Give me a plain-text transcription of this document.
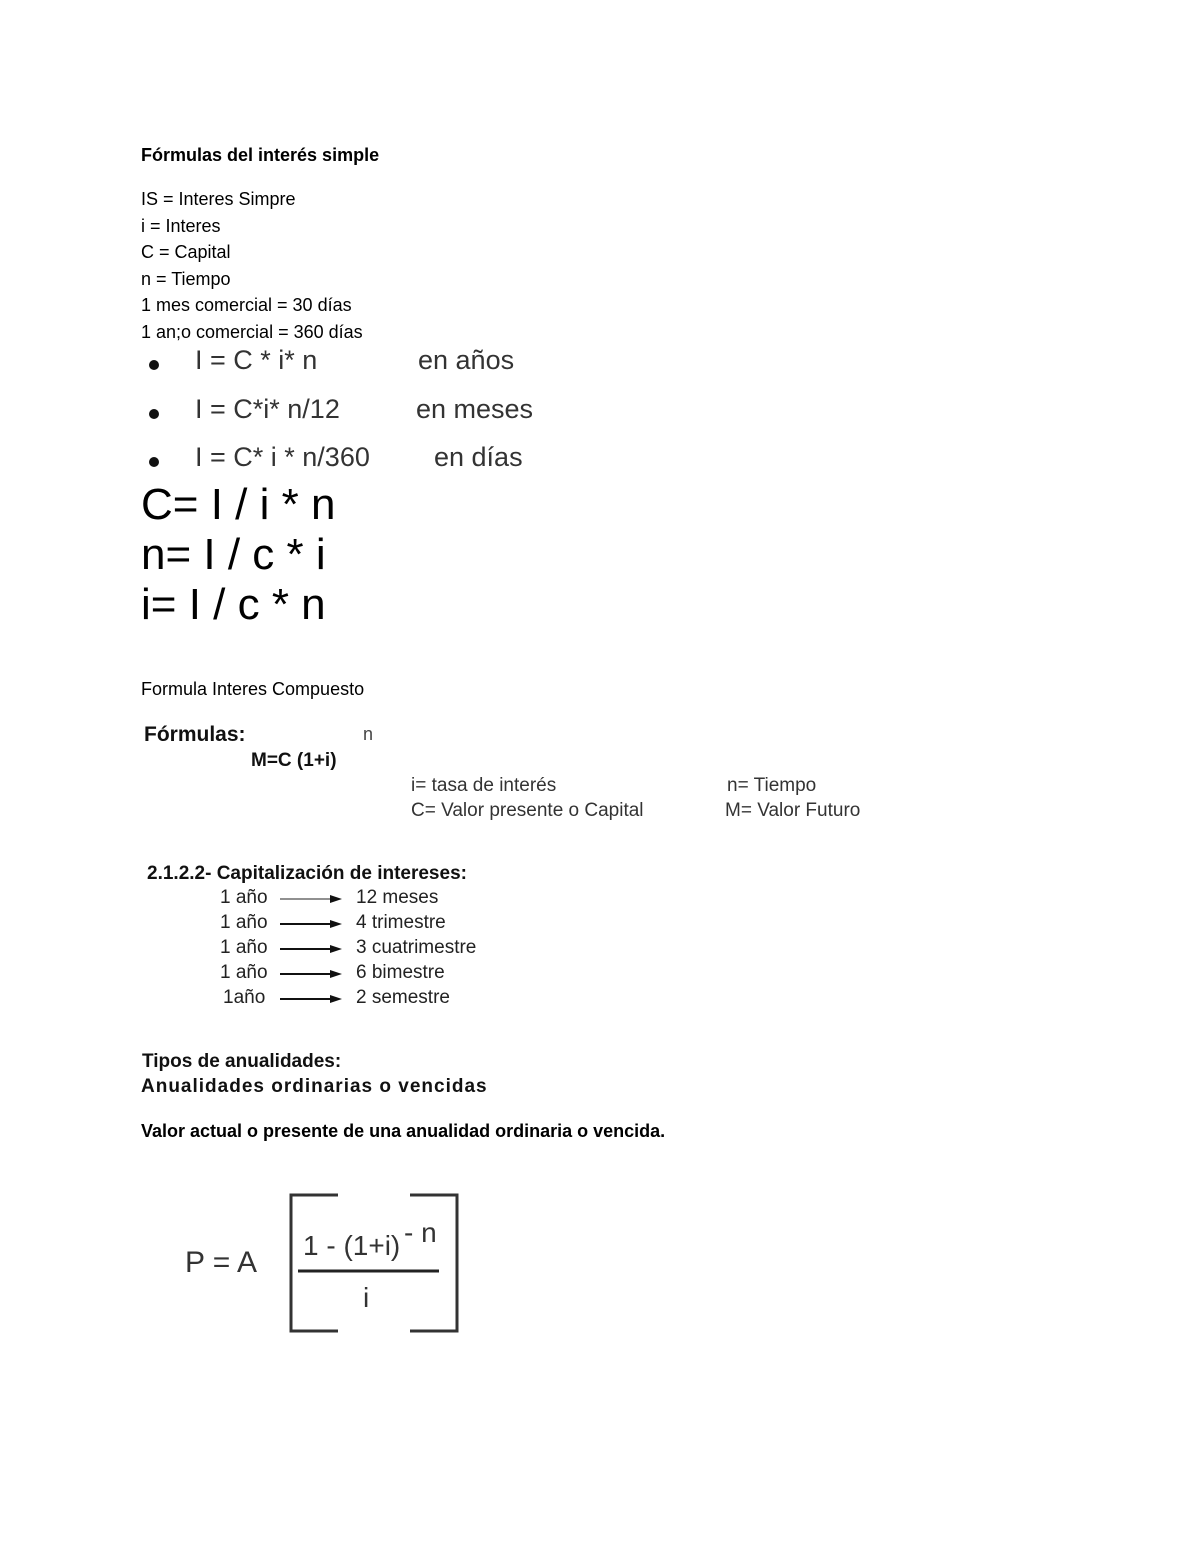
Fórmulas del interés simple
IS = Interes Simpre
i = Interes
C = Capital
n = Tiempo
1 mes comercial = 30 días
1 an;o comercial = 360 días
I = C * i* n	en años
I = C*i* n/12	en meses
I = C* i * n/360 en días
C= I / i * n
n= I / c * i
i= I / c * n
Formula Interes Compuesto
Fórmulas:	n
M=C (1+i)
i= tasa de interés	n= Tiempo
C= Valor presente o Capital	M= Valor Futuro
2.1.2.2- Capitalización de intereses:
1 año	12 meses
1 año	4 trimestre
1 año	3 cuatrimestre
1 año	6 bimestre
1año	2 semestre
Tipos de anualidades:
Anualidades ordinarias o vencidas
Valor actual o presente de una anualidad ordinaria o vencida.
P = A
1 - (1+i) - n
i
